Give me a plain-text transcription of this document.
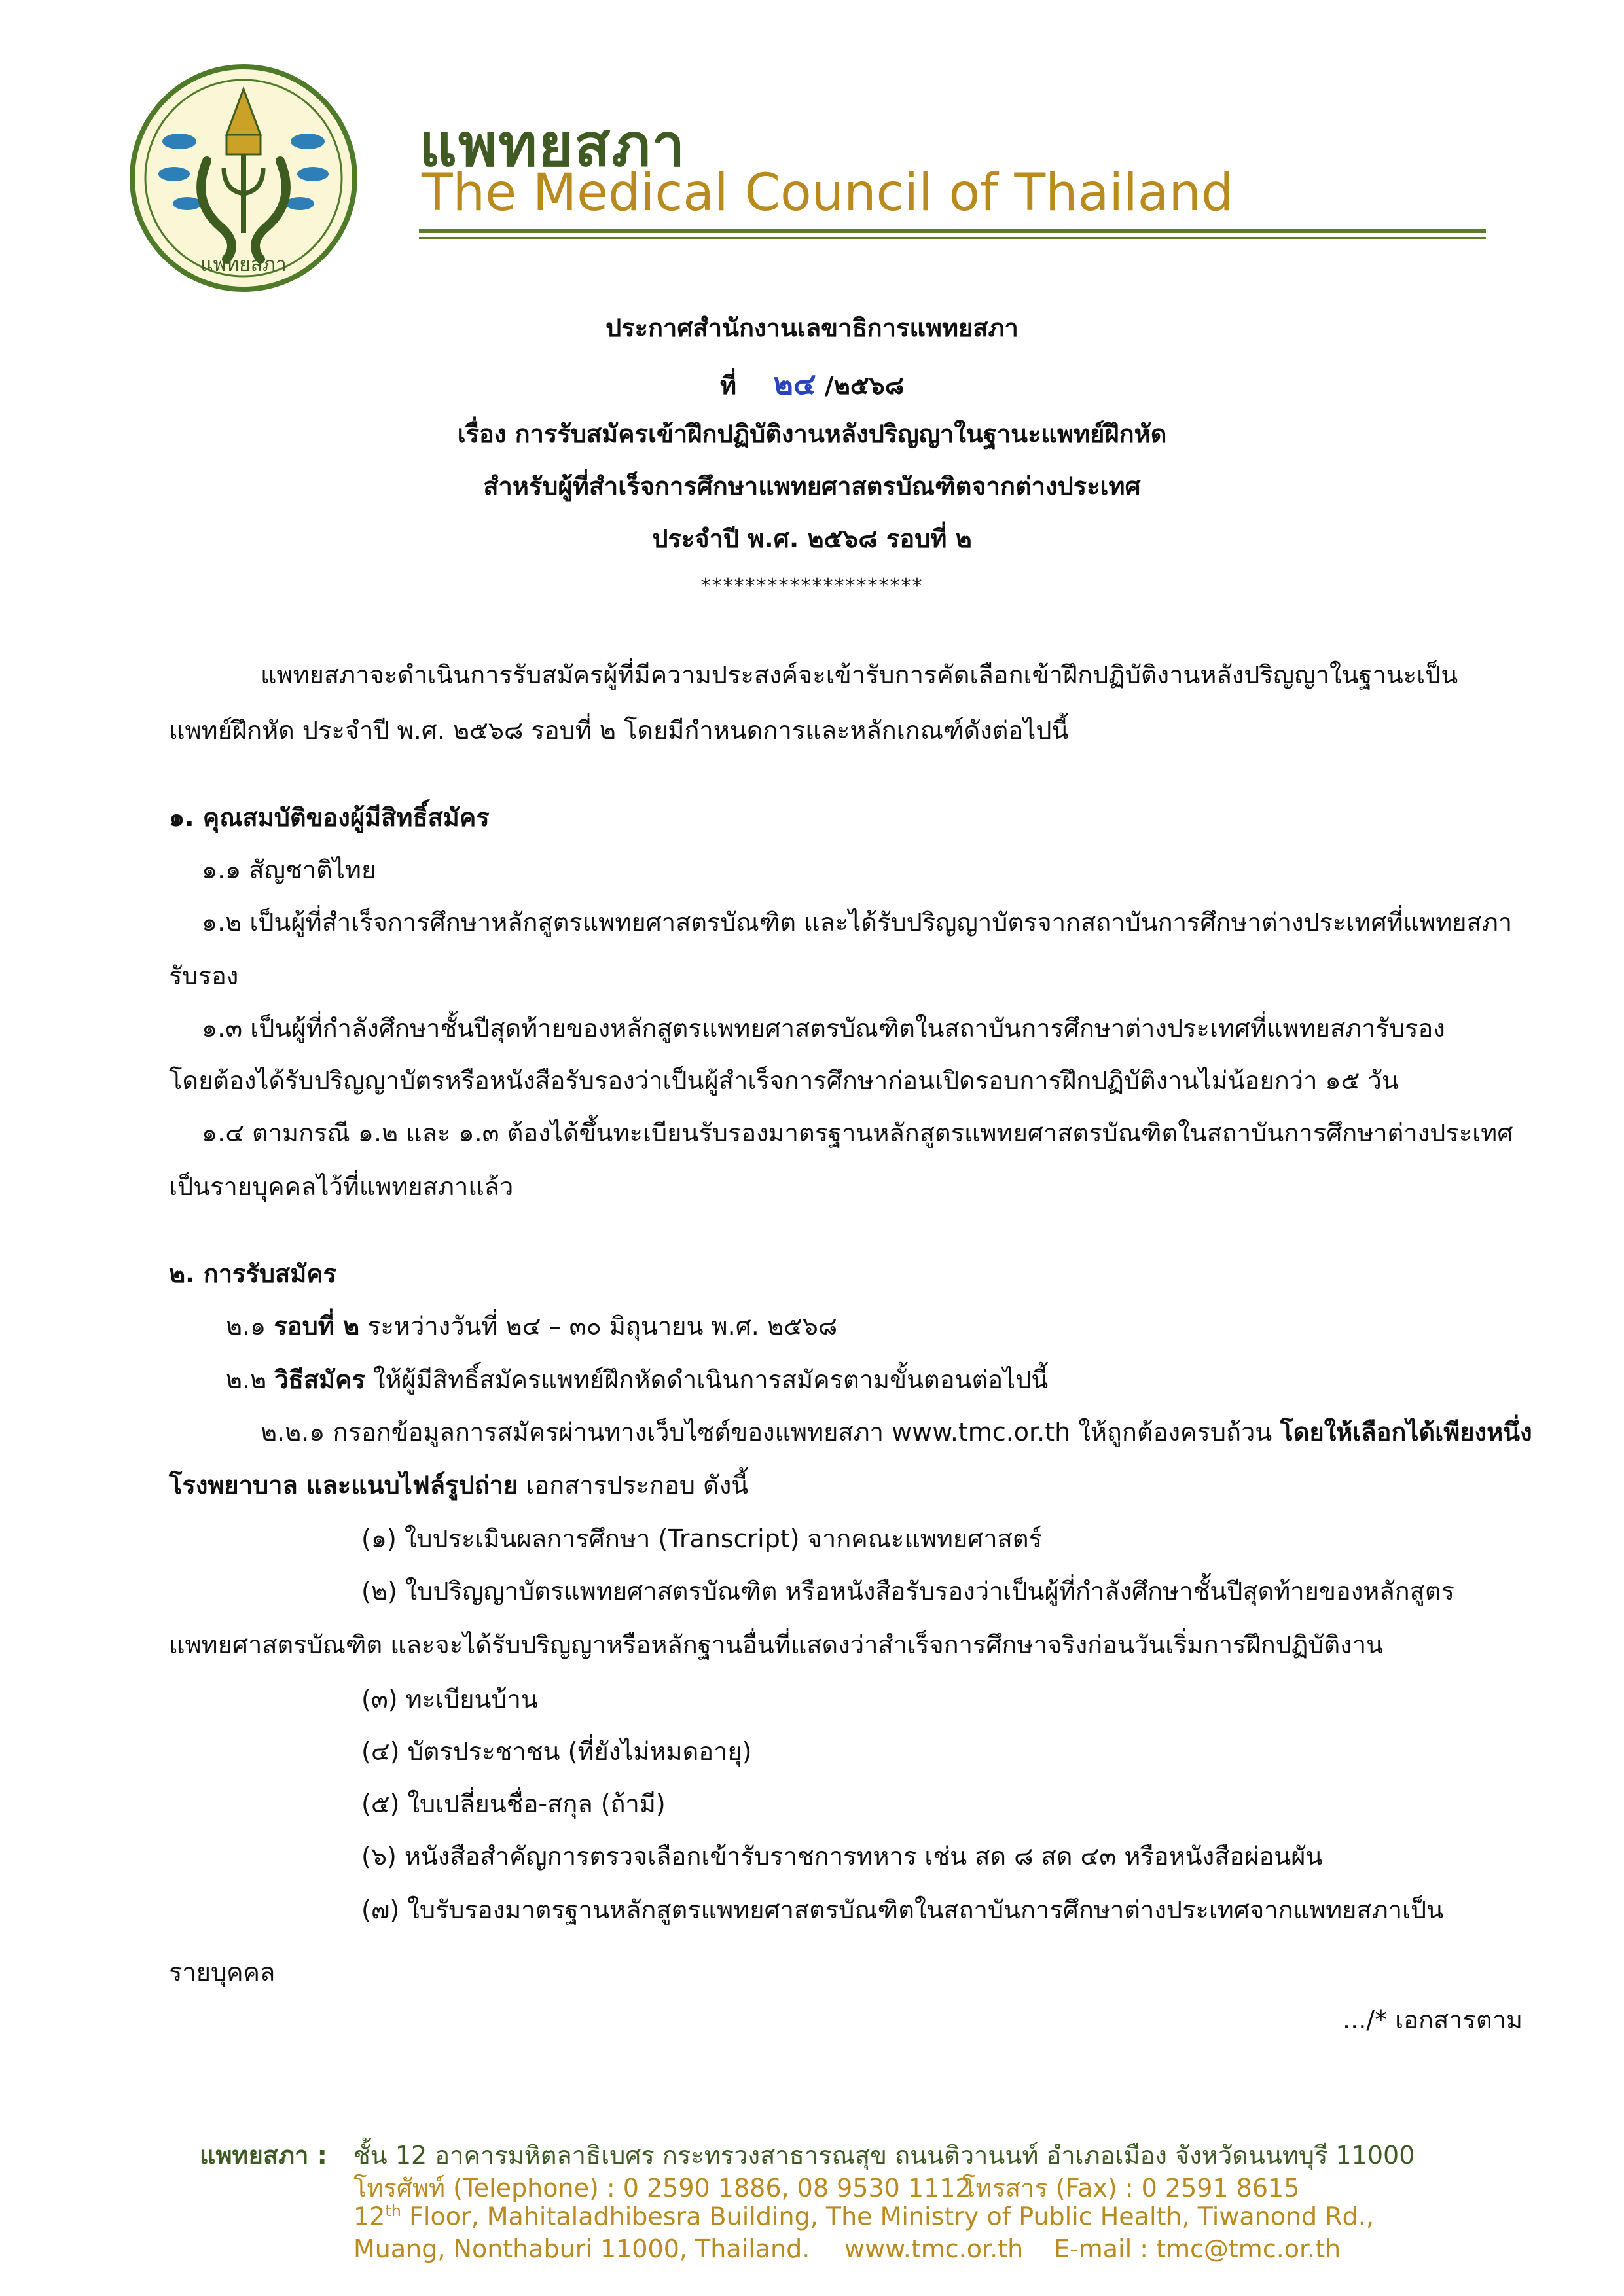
แพทยสภา
แพทยสภา
The Medical Council of Thailand
ประกาศสำนักงานเลขาธิการแพทยสภา
ที่ ๒๔ /๒๕๖๘
เรื่อง การรับสมัครเข้าฝึกปฏิบัติงานหลังปริญญาในฐานะแพทย์ฝึกหัด
สำหรับผู้ที่สำเร็จการศึกษาแพทยศาสตรบัณฑิตจากต่างประเทศ
ประจำปี พ.ศ. ๒๕๖๘ รอบที่ ๒
********************
แพทยสภาจะดำเนินการรับสมัครผู้ที่มีความประสงค์จะเข้ารับการคัดเลือกเข้าฝึกปฏิบัติงานหลังปริญญาในฐานะเป็น
แพทย์ฝึกหัด ประจำปี พ.ศ. ๒๕๖๘ รอบที่ ๒ โดยมีกำหนดการและหลักเกณฑ์ดังต่อไปนี้
๑. คุณสมบัติของผู้มีสิทธิ์สมัคร
๑.๑ สัญชาติไทย
๑.๒ เป็นผู้ที่สำเร็จการศึกษาหลักสูตรแพทยศาสตรบัณฑิต และได้รับปริญญาบัตรจากสถาบันการศึกษาต่างประเทศที่แพทยสภา
รับรอง
๑.๓ เป็นผู้ที่กำลังศึกษาชั้นปีสุดท้ายของหลักสูตรแพทยศาสตรบัณฑิตในสถาบันการศึกษาต่างประเทศที่แพทยสภารับรอง
โดยต้องได้รับปริญญาบัตรหรือหนังสือรับรองว่าเป็นผู้สำเร็จการศึกษาก่อนเปิดรอบการฝึกปฏิบัติงานไม่น้อยกว่า ๑๕ วัน
๑.๔ ตามกรณี ๑.๒ และ ๑.๓ ต้องได้ขึ้นทะเบียนรับรองมาตรฐานหลักสูตรแพทยศาสตรบัณฑิตในสถาบันการศึกษาต่างประเทศ
เป็นรายบุคคลไว้ที่แพทยสภาแล้ว
๒. การรับสมัคร
๒.๑ รอบที่ ๒ ระหว่างวันที่ ๒๔ – ๓๐ มิถุนายน พ.ศ. ๒๕๖๘
๒.๒ วิธีสมัคร ให้ผู้มีสิทธิ์สมัครแพทย์ฝึกหัดดำเนินการสมัครตามขั้นตอนต่อไปนี้
๒.๒.๑ กรอกข้อมูลการสมัครผ่านทางเว็บไซต์ของแพทยสภา www.tmc.or.th ให้ถูกต้องครบถ้วน โดยให้เลือกได้เพียงหนึ่ง
โรงพยาบาล และแนบไฟล์รูปถ่าย เอกสารประกอบ ดังนี้
(๑) ใบประเมินผลการศึกษา (Transcript) จากคณะแพทยศาสตร์
(๒) ใบปริญญาบัตรแพทยศาสตรบัณฑิต หรือหนังสือรับรองว่าเป็นผู้ที่กำลังศึกษาชั้นปีสุดท้ายของหลักสูตร
แพทยศาสตรบัณฑิต และจะได้รับปริญญาหรือหลักฐานอื่นที่แสดงว่าสำเร็จการศึกษาจริงก่อนวันเริ่มการฝึกปฏิบัติงาน
(๓) ทะเบียนบ้าน
(๔) บัตรประชาชน (ที่ยังไม่หมดอายุ)
(๕) ใบเปลี่ยนชื่อ-สกุล (ถ้ามี)
(๖) หนังสือสำคัญการตรวจเลือกเข้ารับราชการทหาร เช่น สด ๘ สด ๔๓ หรือหนังสือผ่อนผัน
(๗) ใบรับรองมาตรฐานหลักสูตรแพทยศาสตรบัณฑิตในสถาบันการศึกษาต่างประเทศจากแพทยสภาเป็น
รายบุคคล
.../* เอกสารตาม
แพทยสภา : ชั้น 12 อาคารมหิตลาธิเบศร กระทรวงสาธารณสุข ถนนติวานนท์ อำเภอเมือง จังหวัดนนทบุรี 11000
โทรศัพท์ (Telephone) : 0 2590 1886, 08 9530 1112
โทรสาร (Fax) : 0 2591 8615
12th Floor, Mahitaladhibesra Building, The Ministry of Public Health, Tiwanond Rd.,
Muang, Nonthaburi 11000, Thailand. www.tmc.or.th E-mail : tmc@tmc.or.th
